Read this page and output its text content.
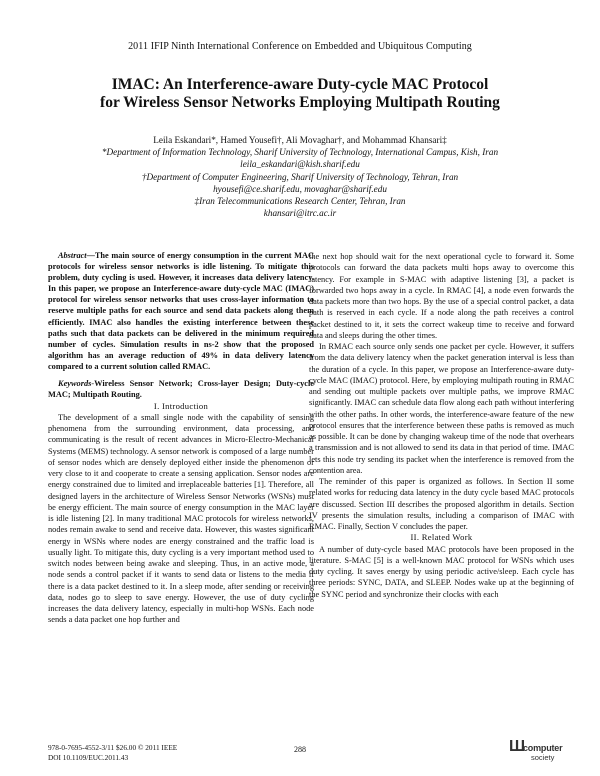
2011 IFIP Ninth International Conference on Embedded and Ubiquitous Computing
IMAC: An Interference-aware Duty-cycle MAC Protocol
for Wireless Sensor Networks Employing Multipath Routing
Leila Eskandari*, Hamed Yousefi†, Ali Movaghar†, and Mohammad Khansari‡
*Department of Information Technology, Sharif University of Technology, International Campus, Kish, Iran
leila_eskandari@kish.sharif.edu
†Department of Computer Engineering, Sharif University of Technology, Tehran, Iran
hyousefi@ce.sharif.edu, movaghar@sharif.edu
‡Iran Telecommunications Research Center, Tehran, Iran
khansari@itrc.ac.ir

Abstract—The main source of energy consumption in the current MAC protocols for wireless sensor networks is idle listening. To mitigate this problem, duty cycling is used. However, it increases data delivery latency. In this paper, we propose an Interference-aware duty-cycle MAC (IMAC) protocol for wireless sensor networks that uses cross-layer information to reserve multiple paths for each source and send data packets along them efficiently. IMAC also handles the existing interference between these paths such that data packets can be delivered in the minimum required number of cycles. Simulation results in ns-2 show that the proposed algorithm has an average reduction of 49% in data delivery latency compared to a current solution called RMAC.

Keywords-Wireless Sensor Network; Cross-layer Design; Duty-cycle MAC; Multipath Routing.

I. Introduction

The development of a small single node with the capability of sensing phenomena from the surrounding environment, data processing, and communicating is the result of recent advances in Micro-Electro-Mechanical Systems (MEMS) technology. A sensor network is composed of a large number of sensor nodes which are densely deployed either inside the phenomenon or very close to it and cooperate to create a sensing application. Sensor nodes are energy constrained due to limited and irreplaceable batteries [1]. Therefore, all designed layers in the architecture of Wireless Sensor Networks (WSNs) must be energy efficient. The main source of energy consumption in the MAC layer is idle listening [2]. In many traditional MAC protocols for wireless networks, nodes remain awake to send and receive data. However, this wastes significant energy in WSNs where nodes are energy constrained and the traffic load is usually light. To mitigate this, duty cycling is a very important method used to switch nodes between being awake and sleeping. Thus, in an active mode, a node sends a control packet if it wants to send data or listens to the media if there is a data packet destined to it. In a sleep mode, after sending or receiving data, nodes go to sleep to save energy. However, the use of duty cycling increases the data delivery latency, especially in multi-hop WSNs. Each node sends a data packet one hop further and

the next hop should wait for the next operational cycle to forward it. Some protocols can forward the data packets multi hops away to overcome this latency. For example in S-MAC with adaptive listening [3], a packet is forwarded two hops away in a cycle. In RMAC [4], a node even forwards the data packets more than two hops. By the use of a special control packet, a data path is reserved in each cycle. If a node along the path receives a control packet destined to it, it sets the correct wakeup time to receive and forward data and sleeps during the other times.

In RMAC each source only sends one packet per cycle. However, it suffers from the data delivery latency when the packet generation interval is less than the duration of a cycle. In this paper, we propose an Interference-aware duty-cycle MAC (IMAC) protocol. Here, by employing multipath routing in RMAC and sending out multiple packets over multiple paths, we improve RMAC significantly. IMAC can schedule data flow along each path without interfering with the other paths. In other words, the interference-aware feature of the new protocol ensures that the interference between these paths is removed as much as possible. It can be done by changing wakeup time of the node that overhears a transmission and is not allowed to send its data in that period of time. IMAC lets this node try sending its packet when the interference is removed from the contention area.

The reminder of this paper is organized as follows. In Section II some related works for reducing data latency in the duty cycle based MAC protocols are discussed. Section III describes the proposed algorithm in details. Section IV presents the simulation results, including a comparison of IMAC with RMAC. Finally, Section V concludes the paper.

II. Related Work

A number of duty-cycle based MAC protocols have been proposed in the literature. S-MAC [5] is a well-known MAC protocol for WSNs which uses duty cycling. It saves energy by using periodic active/sleep. Each cycle has three periods: SYNC, DATA, and SLEEP. Nodes wake up at the beginning of the SYNC period and synchronize their clocks with each

978-0-7695-4552-3/11 $26.00 © 2011 IEEE
DOI 10.1109/EUC.2011.43
288	Ш
computer
society
